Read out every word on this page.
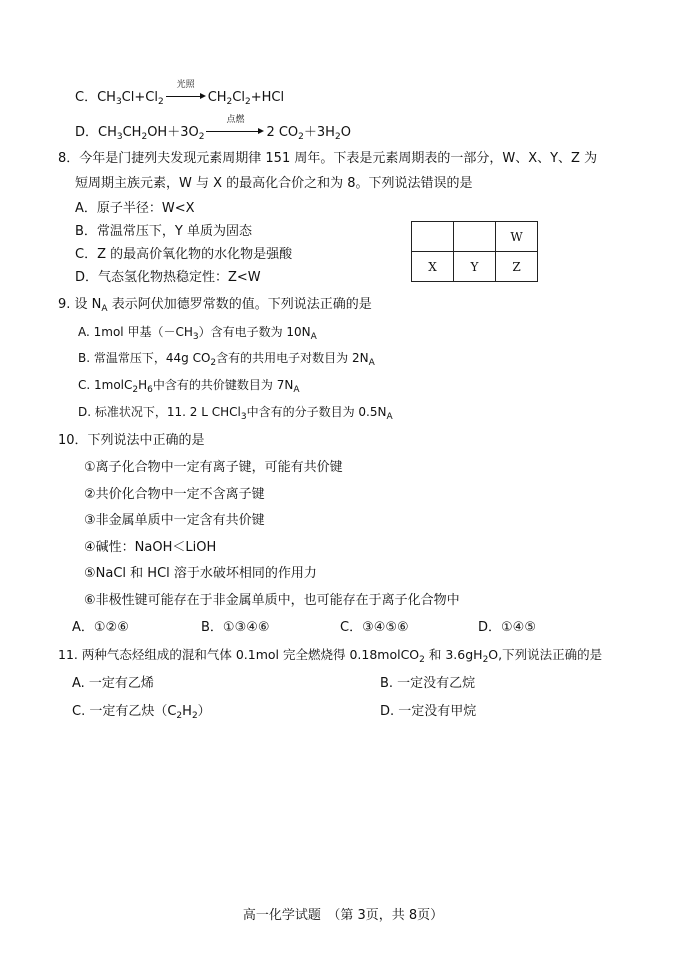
C．$CH_3Cl+Cl_2$
光照
$CH_2Cl_2+HCl$
D．$CH_3CH_2OH+3O_2$
点燃
2 $CO_2+3H_2O$
8．今年是门捷列夫发现元素周期律 151 周年。下表是元素周期表的一部分，W、X、Y、Z 为
短周期主族元素，W 与 X 的最高化合价之和为 8。下列说法错误的是
A．原子半径：W<X
B．常温常压下，Y 单质为固态
C．Z 的最高价氧化物的水化物是强酸
D．气态氢化物热稳定性：Z<W
		W
X	Y	Z
9. 设 $N_A$ 表示阿伏加德罗常数的值。下列说法正确的是
A. 1mol 甲基$(-CH_3)$含有电子数为 $10N_A$
B. 常温常压下，44g $CO_2$含有的共用电子对数目为 $2N_A$
C. $1molC_2H_6$中含有的共价键数目为 $7N_A$
D. 标准状况下，11. 2 L CHCl$_3$中含有的分子数目为 $0.5N_A$
10．下列说法中正确的是
①离子化合物中一定有离子键，可能有共价键
②共价化合物中一定不含离子键
③非金属单质中一定含有共价键
④碱性：NaOH＜LiOH
⑤NaCl 和 HCl 溶于水破坏相同的作用力
⑥非极性键可能存在于非金属单质中，也可能存在于离子化合物中
A．①②⑥	B．①③④⑥	C．③④⑤⑥	D．①④⑤
11. 两种气态烃组成的混和气体 0.1mol 完全燃烧得 0.18molCO$_2$ 和 $3.6gH_2O$,下列说法正确的是
A. 一定有乙烯	B. 一定没有乙烷
C. 一定有乙炔$(C_2H_2)$	D. 一定没有甲烷
高一化学试题　（第 3页，共 8页）
